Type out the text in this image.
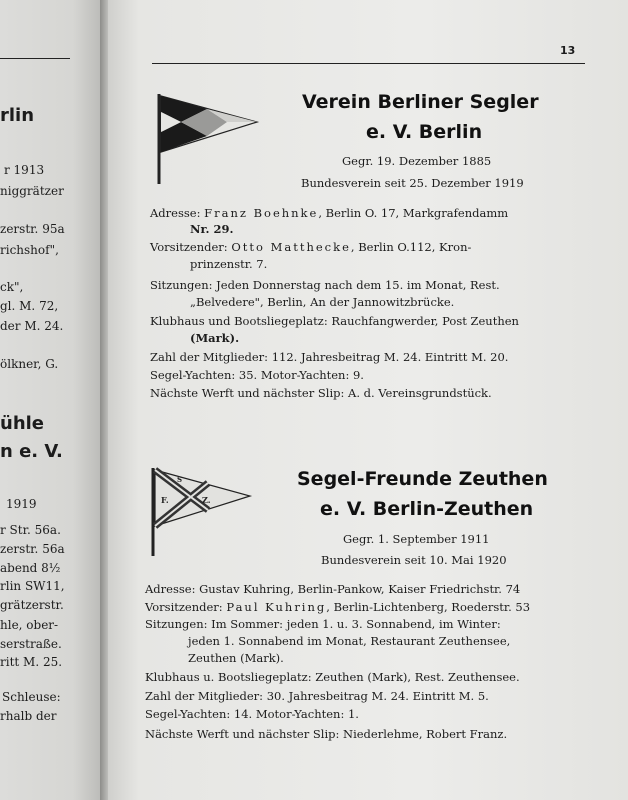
rlin
r 1913
niggrätzer
zerstr. 95a
richshof",
ck",
gl. M. 72,
der M. 24.
ölkner, G.
ühle
n e. V.
1919
r Str. 56a.
zerstr. 56a
abend 8½
rlin SW11,
grätzerstr.
hle, ober-
serstraße.
ritt M. 25.
Schleuse:
rhalb der
13
Verein Berliner Segler
e. V. Berlin
Gegr. 19. Dezember 1885
Bundesverein seit 25. Dezember 1919
Adresse: Franz Boehnke, Berlin O. 17, Markgrafendamm
Nr. 29.
Vorsitzender: Otto Matthecke, Berlin O.112, Kron-
prinzenstr. 7.
Sitzungen: Jeden Donnerstag nach dem 15. im Monat, Rest.
„Belvedere", Berlin, An der Jannowitzbrücke.
Klubhaus und Bootsliegeplatz: Rauchfangwerder, Post Zeuthen
(Mark).
Zahl der Mitglieder: 112. Jahresbeitrag M. 24. Eintritt M. 20.
Segel-Yachten: 35. Motor-Yachten: 9.
Nächste Werft und nächster Slip: A. d. Vereinsgrundstück.
F.	Z.
S	Segel-Freunde Zeuthen
e. V. Berlin-Zeuthen
Gegr. 1. September 1911
Bundesverein seit 10. Mai 1920
Adresse: Gustav Kuhring, Berlin-Pankow, Kaiser Friedrichstr. 74
Vorsitzender: Paul Kuhring, Berlin-Lichtenberg, Roederstr. 53
Sitzungen: Im Sommer: jeden 1. u. 3. Sonnabend, im Winter:
jeden 1. Sonnabend im Monat, Restaurant Zeuthensee,
Zeuthen (Mark).
Klubhaus u. Bootsliegeplatz: Zeuthen (Mark), Rest. Zeuthensee.
Zahl der Mitglieder: 30. Jahresbeitrag M. 24. Eintritt M. 5.
Segel-Yachten: 14. Motor-Yachten: 1.
Nächste Werft und nächster Slip: Niederlehme, Robert Franz.
